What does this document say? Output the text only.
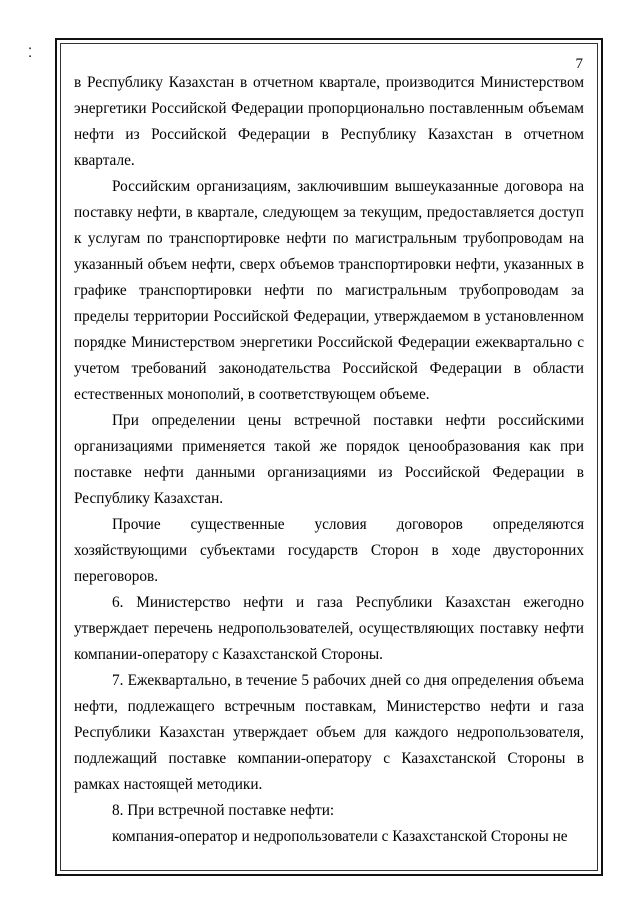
⁚
7

в Республику Казахстан в отчетном квартале, производится Министерством энергетики Российской Федерации пропорционально поставленным объемам нефти из Российской Федерации в Республику Казахстан в отчетном квартале.

Российским организациям, заключившим вышеуказанные договора на поставку нефти, в квартале, следующем за текущим, предоставляется доступ к услугам по транспортировке нефти по магистральным трубопроводам на указанный объем нефти, сверх объемов транспортировки нефти, указанных в графике транспортировки нефти по магистральным трубопроводам за пределы территории Российской Федерации, утверждаемом в установленном порядке Министерством энергетики Российской Федерации ежеквартально с учетом требований законодательства Российской Федерации в области естественных монополий, в соответствующем объеме.

При определении цены встречной поставки нефти российскими организациями применяется такой же порядок ценообразования как при поставке нефти данными организациями из Российской Федерации в Республику Казахстан.

Прочие существенные условия договоров определяются хозяйствующими субъектами государств Сторон в ходе двусторонних переговоров.

6. Министерство нефти и газа Республики Казахстан ежегодно утверждает перечень недропользователей, осуществляющих поставку нефти компании-оператору с Казахстанской Стороны.

7. Ежеквартально, в течение 5 рабочих дней со дня определения объема нефти, подлежащего встречным поставкам, Министерство нефти и газа Республики Казахстан утверждает объем для каждого недропользователя, подлежащий поставке компании-оператору с Казахстанской Стороны в рамках настоящей методики.

8. При встречной поставке нефти:

компания-оператор и недропользователи с Казахстанской Стороны не
